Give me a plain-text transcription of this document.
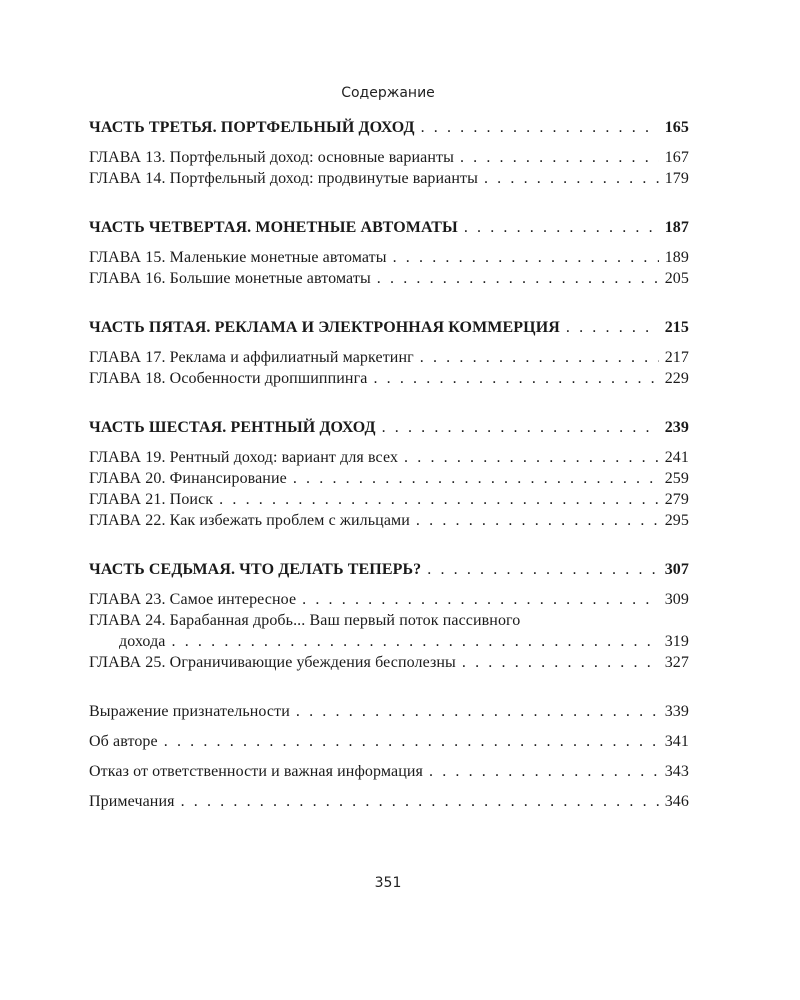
Содержание
ЧАСТЬ ТРЕТЬЯ. ПОРТФЕЛЬНЫЙ ДОХОД . . .	165
ГЛАВА 13. Портфельный доход: основные варианты . . .	167
ГЛАВА 14. Портфельный доход: продвинутые варианты . . .	179
ЧАСТЬ ЧЕТВЕРТАЯ. МОНЕТНЫЕ АВТОМАТЫ . . .	187
ГЛАВА 15. Маленькие монетные автоматы . . .	189
ГЛАВА 16. Большие монетные автоматы . . .	205
ЧАСТЬ ПЯТАЯ. РЕКЛАМА И ЭЛЕКТРОННАЯ КОММЕРЦИЯ . . .	215
ГЛАВА 17. Реклама и аффилиатный маркетинг . . .	217
ГЛАВА 18. Особенности дропшиппинга . . .	229
ЧАСТЬ ШЕСТАЯ. РЕНТНЫЙ ДОХОД . . .	239
ГЛАВА 19. Рентный доход: вариант для всех . . .	241
ГЛАВА 20. Финансирование . . .	259
ГЛАВА 21. Поиск . . .	279
ГЛАВА 22. Как избежать проблем с жильцами . . .	295
ЧАСТЬ СЕДЬМАЯ. ЧТО ДЕЛАТЬ ТЕПЕРЬ? . . .	307
ГЛАВА 23. Самое интересное . . .	309
ГЛАВА 24. Барабанная дробь... Ваш первый поток пассивного
дохода . . .	319
ГЛАВА 25. Ограничивающие убеждения бесполезны . . .	327
Выражение признательности . . .	339
Об авторе . . .	341
Отказ от ответственности и важная информация . . .	343
Примечания . . .	346
351
